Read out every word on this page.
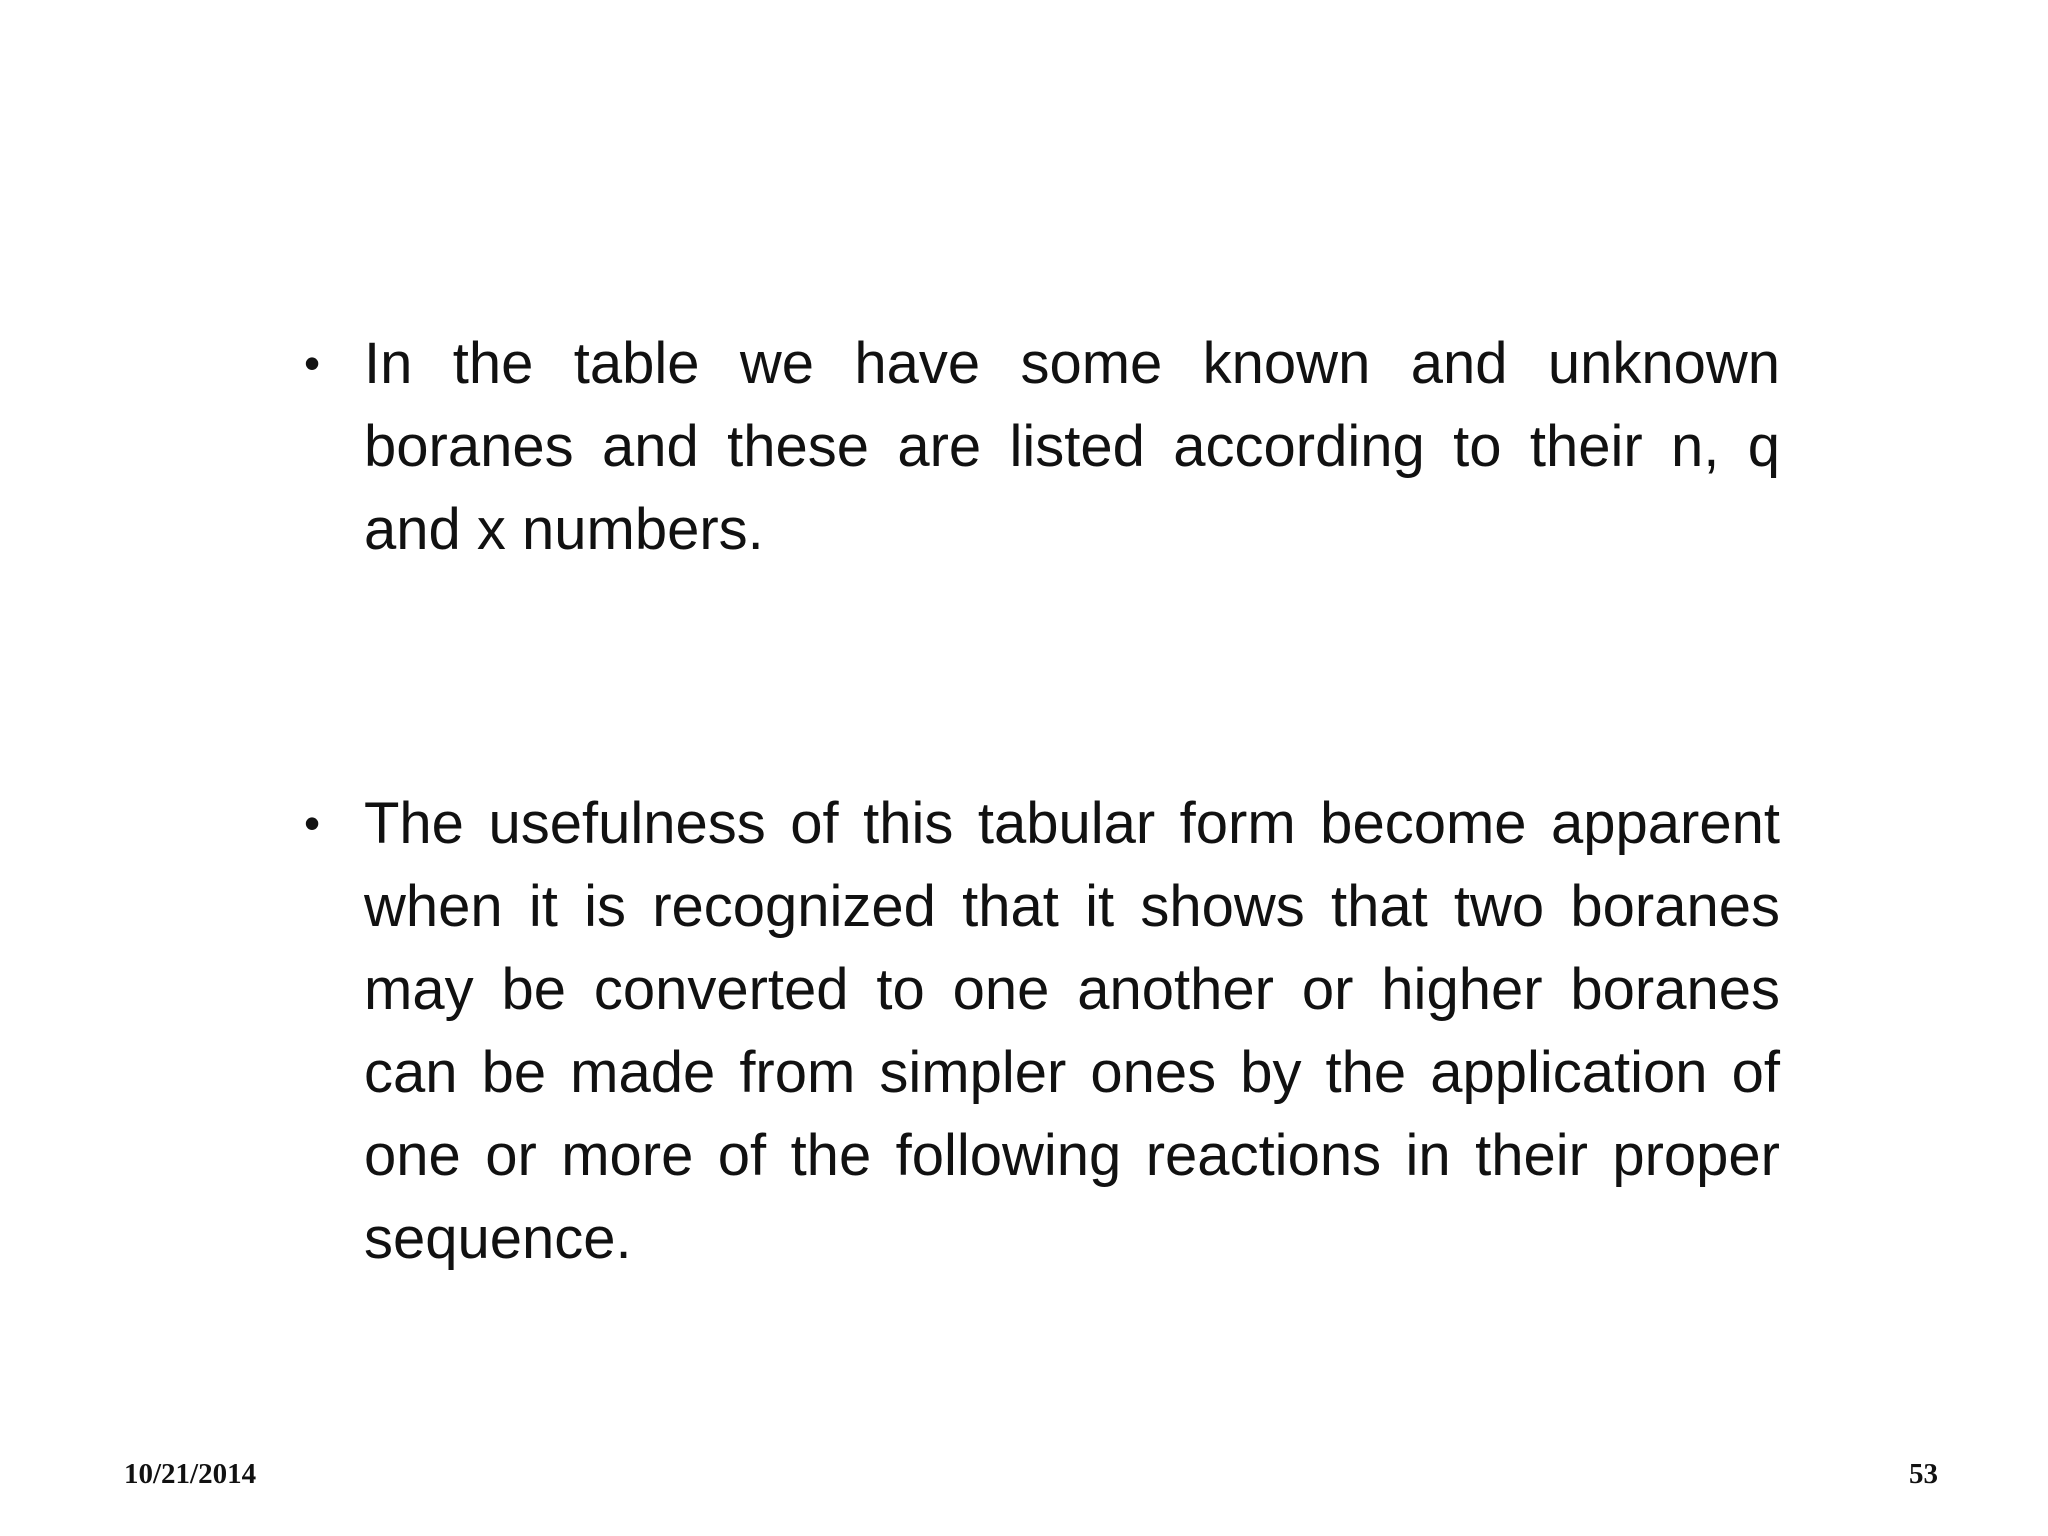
• In the table we have some known and unknown boranes and these are listed according to their n, q and x numbers.

• The usefulness of this tabular form become apparent when it is recognized that it shows that two boranes may be converted to one another or higher boranes can be made from simpler ones by the application of one or more of the following reactions in their proper sequence.

10/21/2014	53
